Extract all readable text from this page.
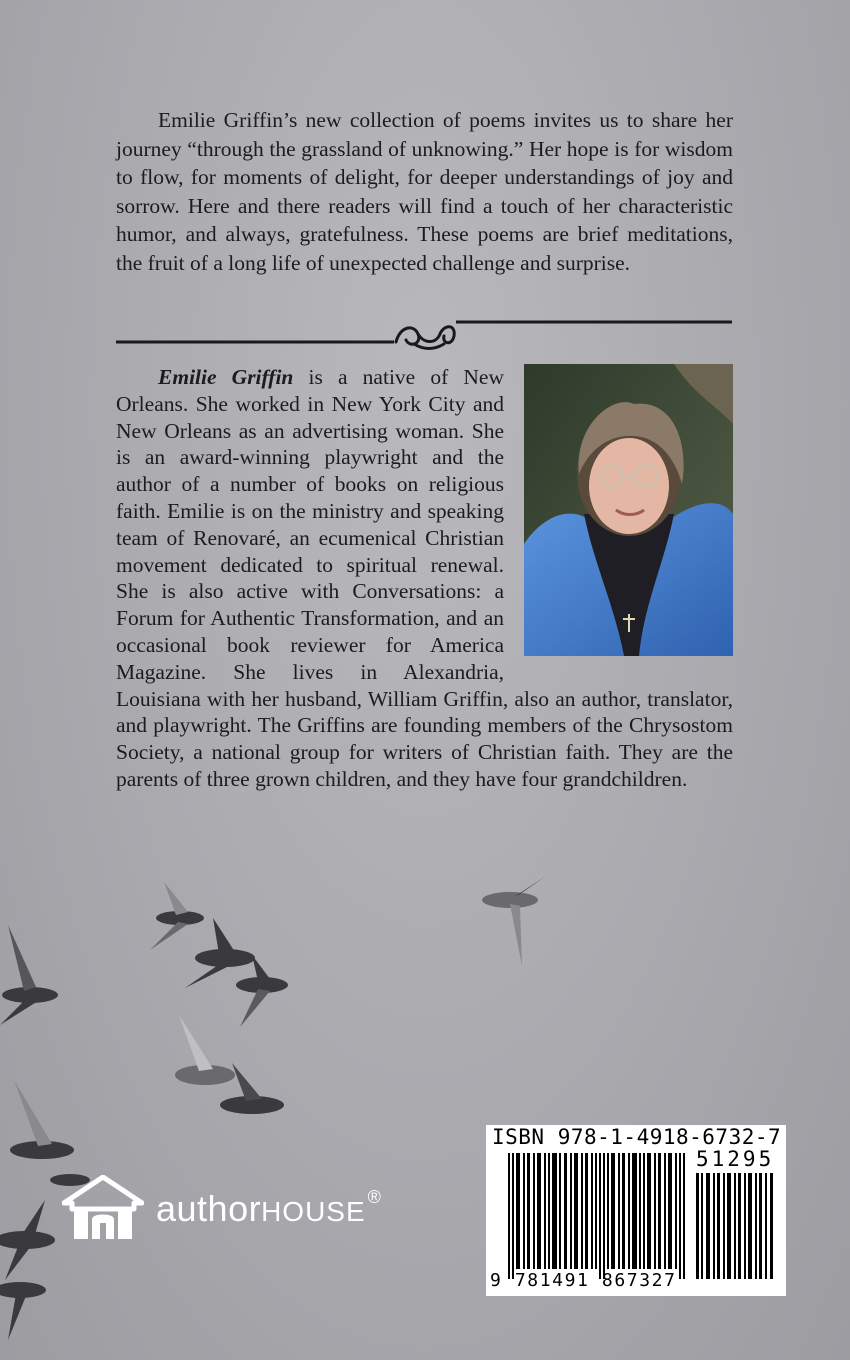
Emilie Griffin’s new collection of poems invites us to share her journey “through the grassland of unknowing.” Her hope is for wisdom to flow, for moments of delight, for deeper understandings of joy and sorrow. Here and there readers will find a touch of her characteristic humor, and always, gratefulness. These poems are brief meditations, the fruit of a long life of unexpected challenge and surprise.

Emilie Griffin is a native of New Orleans. She worked in New York City and New Orleans as an advertising woman. She is an award-winning playwright and the author of a number of books on religious faith. Emilie is on the ministry and speaking team of Renovaré, an ecumenical Christian movement dedicated to spiritual renewal. She is also active with Conversations: a Forum for Authentic Transformation, and an occasional book reviewer for America Magazine. She lives in Alexandria, Louisiana with her husband, William Griffin, also an author, translator, and playwright. The Griffins are founding members of the Chrysostom Society, a national group for writers of Christian faith. They are the parents of three grown children, and they have four grandchildren.
authorHOUSE ®
ISBN 978-1-4918-6732-7
51295
9 781491 867327
